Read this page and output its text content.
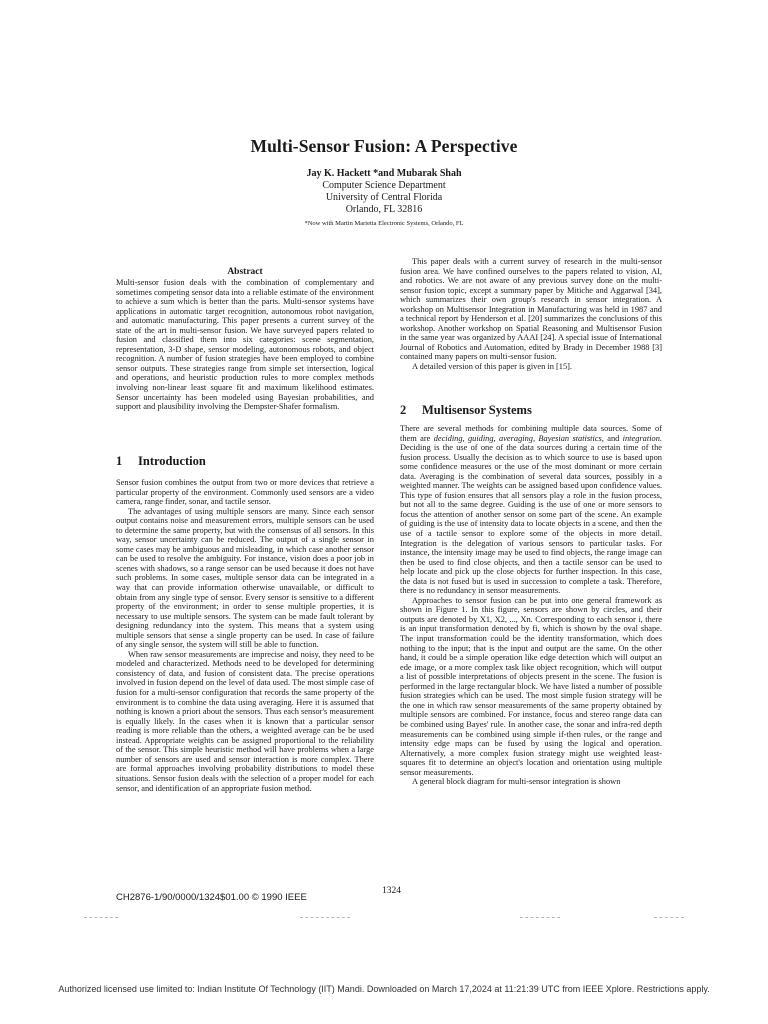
Multi-Sensor Fusion: A Perspective
Jay K. Hackett *and Mubarak Shah
Computer Science Department
University of Central Florida
Orlando, FL 32816
*Now with Martin Marietta Electronic Systems, Orlando, FL
Abstract

Multi-sensor fusion deals with the combination of complementary and sometimes competing sensor data into a reliable estimate of the environment to achieve a sum which is better than the parts. Multi-sensor systems have applications in automatic target recognition, autonomous robot navigation, and automatic manufacturing. This paper presents a current survey of the state of the art in multi-sensor fusion. We have surveyed papers related to fusion and classified them into six categories: scene segmentation, representation, 3-D shape, sensor modeling, autonomous robots, and object recognition. A number of fusion strategies have been employed to combine sensor outputs. These strategies range from simple set intersection, logical and operations, and heuristic production rules to more complex methods involving non-linear least square fit and maximum likelihood estimates. Sensor uncertainty has been modeled using Bayesian probabilities, and support and plausibility involving the Dempster-Shafer formalism.

1 Introduction

Sensor fusion combines the output from two or more devices that retrieve a particular property of the environment. Commonly used sensors are a video camera, range finder, sonar, and tactile sensor.

The advantages of using multiple sensors are many. Since each sensor output contains noise and measurement errors, multiple sensors can be used to determine the same property, but with the consensus of all sensors. In this way, sensor uncertainty can be reduced. The output of a single sensor in some cases may be ambiguous and misleading, in which case another sensor can be used to resolve the ambiguity. For instance, vision does a poor job in scenes with shadows, so a range sensor can be used because it does not have such problems. In some cases, multiple sensor data can be integrated in a way that can provide information otherwise unavailable, or difficult to obtain from any single type of sensor. Every sensor is sensitive to a different property of the environment; in order to sense multiple properties, it is necessary to use multiple sensors. The system can be made fault tolerant by designing redundancy into the system. This means that a system using multiple sensors that sense a single property can be used. In case of failure of any single sensor, the system will still be able to function.

When raw sensor measurements are imprecise and noisy, they need to be modeled and characterized. Methods need to be developed for determining consistency of data, and fusion of consistent data. The precise operations involved in fusion depend on the level of data used. The most simple case of fusion for a multi-sensor configuration that records the same property of the environment is to combine the data using averaging. Here it is assumed that nothing is known a priori about the sensors. Thus each sensor's measurement is equally likely. In the cases when it is known that a particular sensor reading is more reliable than the others, a weighted average can be be used instead. Appropriate weights can be assigned proportional to the reliability of the sensor. This simple heuristic method will have problems when a large number of sensors are used and sensor interaction is more complex. There are formal approaches involving probability distributions to model these situations. Sensor fusion deals with the selection of a proper model for each sensor, and identification of an appropriate fusion method.

This paper deals with a current survey of research in the multi-sensor fusion area. We have confined ourselves to the papers related to vision, AI, and robotics. We are not aware of any previous survey done on the multi-sensor fusion topic, except a summary paper by Mitiche and Aggarwal [34], which summarizes their own group's research in sensor integration. A workshop on Multisensor Integration in Manufacturing was held in 1987 and a technical report by Henderson et al. [20] summarizes the conclusions of this workshop. Another workshop on Spatial Reasoning and Multisensor Fusion in the same year was organized by AAAI [24]. A special issue of International Journal of Robotics and Automation, edited by Brady in December 1988 [3] contained many papers on multi-sensor fusion.

A detailed version of this paper is given in [15].

2 Multisensor Systems

There are several methods for combining multiple data sources. Some of them are deciding, guiding, averaging, Bayesian statistics, and integration. Deciding is the use of one of the data sources during a certain time of the fusion process. Usually the decision as to which source to use is based upon some confidence measures or the use of the most dominant or more certain data. Averaging is the combination of several data sources, possibly in a weighted manner. The weights can be assigned based upon confidence values. This type of fusion ensures that all sensors play a role in the fusion process, but not all to the same degree. Guiding is the use of one or more sensors to focus the attention of another sensor on some part of the scene. An example of guiding is the use of intensity data to locate objects in a scene, and then the use of a tactile sensor to explore some of the objects in more detail. Integration is the delegation of various sensors to particular tasks. For instance, the intensity image may be used to find objects, the range image can then be used to find close objects, and then a tactile sensor can be used to help locate and pick up the close objects for further inspection. In this case, the data is not fused but is used in succession to complete a task. Therefore, there is no redundancy in sensor measurements.

Approaches to sensor fusion can be put into one general framework as shown in Figure 1. In this figure, sensors are shown by circles, and their outputs are denoted by X1, X2, ..., Xn. Corresponding to each sensor i, there is an input transformation denoted by fi, which is shown by the oval shape. The input transformation could be the identity transformation, which does nothing to the input; that is the input and output are the same. On the other hand, it could be a simple operation like edge detection which will output an ede image, or a more complex task like object recognition, which will output a list of possible interpretations of objects present in the scene. The fusion is performed in the large rectangular block. We have listed a number of possible fusion strategies which can be used. The most simple fusion strategy will be the one in which raw sensor measurements of the same property obtained by multiple sensors are combined. For instance, focus and stereo range data can be combined using Bayes' rule. In another case, the sonar and infra-red depth measurements can be combined using simple if-then rules, or the range and intensity edge maps can be fused by using the logical and operation. Alternatively, a more complex fusion strategy might use weighted least-squares fit to determine an object's location and orientation using multiple sensor measurements.

A general block diagram for multi-sensor integration is shown

CH2876-1/90/0000/1324$01.00 © 1990 IEEE
1324
Authorized licensed use limited to: Indian Institute Of Technology (IIT) Mandi. Downloaded on March 17,2024 at 11:21:39 UTC from IEEE Xplore. Restrictions apply.
